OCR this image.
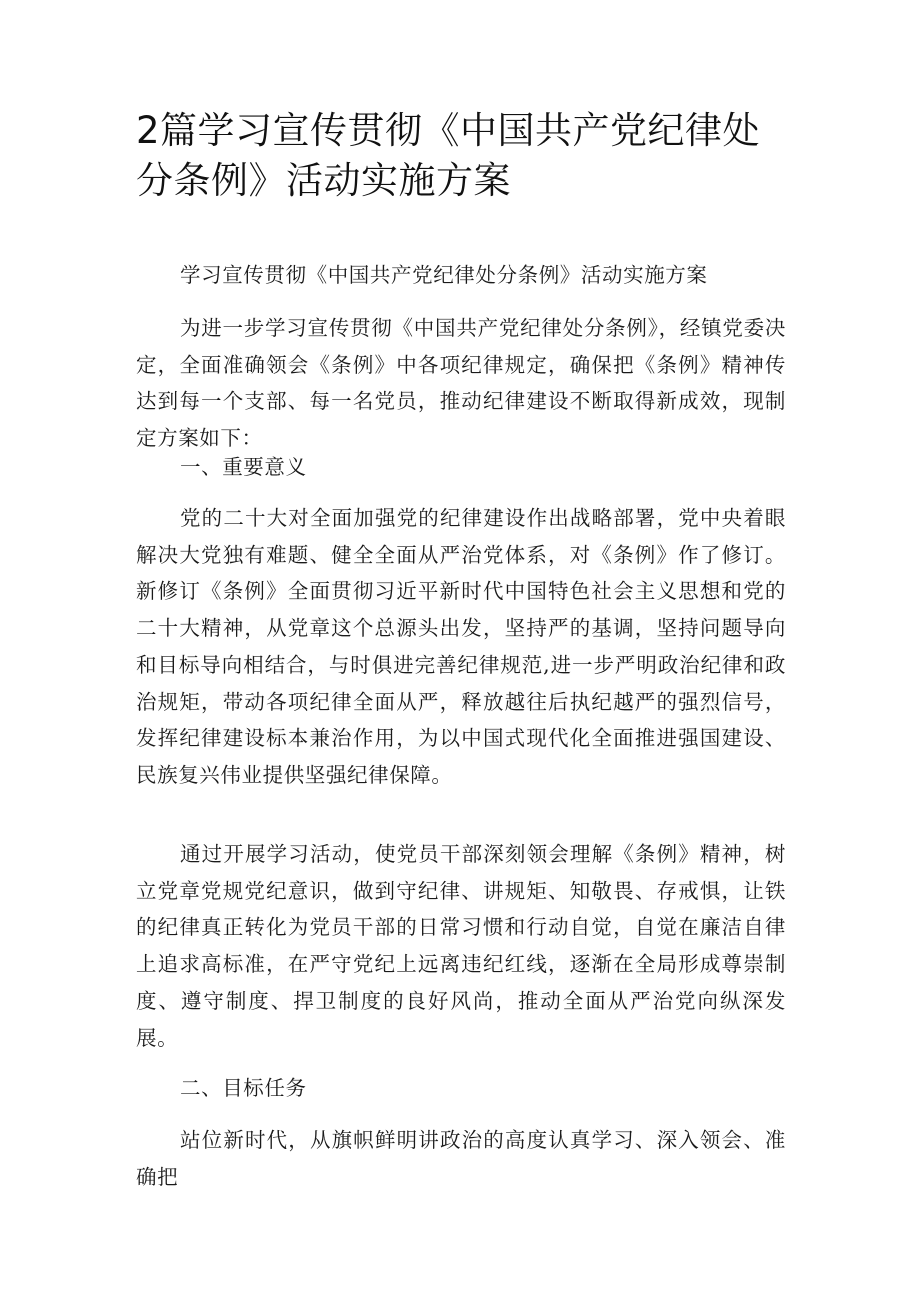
2篇学习宣传贯彻《中国共产党纪律处分条例》活动实施方案

学习宣传贯彻《中国共产党纪律处分条例》活动实施方案

为进一步学习宣传贯彻《中国共产党纪律处分条例》，经镇党委决定，全面准确领会《条例》中各项纪律规定，确保把《条例》精神传达到每一个支部、每一名党员，推动纪律建设不断取得新成效，现制定方案如下：

一、重要意义

党的二十大对全面加强党的纪律建设作出战略部署，党中央着眼解决大党独有难题、健全全面从严治党体系，对《条例》作了修订。新修订《条例》全面贯彻习近平新时代中国特色社会主义思想和党的二十大精神，从党章这个总源头出发，坚持严的基调，坚持问题导向和目标导向相结合，与时俱进完善纪律规范,进一步严明政治纪律和政治规矩，带动各项纪律全面从严，释放越往后执纪越严的强烈信号，发挥纪律建设标本兼治作用，为以中国式现代化全面推进强国建设、民族复兴伟业提供坚强纪律保障。

通过开展学习活动，使党员干部深刻领会理解《条例》精神，树立党章党规党纪意识，做到守纪律、讲规矩、知敬畏、存戒惧，让铁的纪律真正转化为党员干部的日常习惯和行动自觉，自觉在廉洁自律上追求高标准，在严守党纪上远离违纪红线，逐渐在全局形成尊崇制度、遵守制度、捍卫制度的良好风尚，推动全面从严治党向纵深发展。

二、目标任务

站位新时代，从旗帜鲜明讲政治的高度认真学习、深入领会、准确把
